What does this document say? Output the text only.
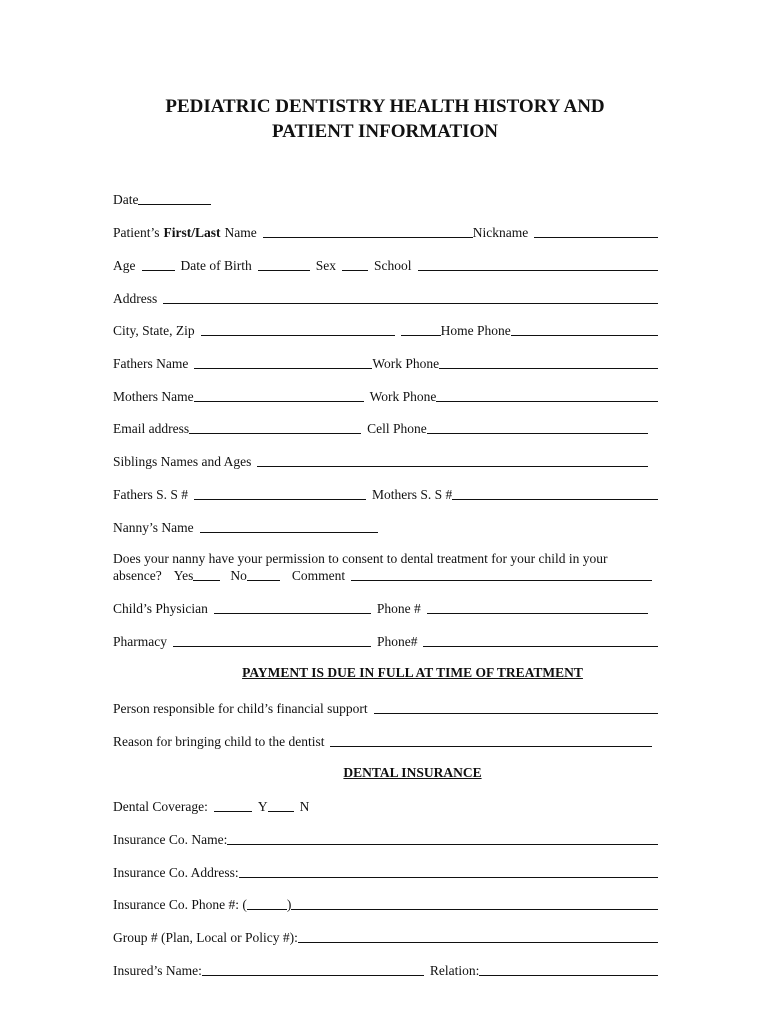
PEDIATRIC DENTISTRY HEALTH HISTORY AND
PATIENT INFORMATION
Date
Patient’s First/Last Name	Nickname
Age	Date of Birth	Sex	School
Address
City, State, Zip	Home Phone
Fathers Name	Work Phone
Mothers Name	Work Phone
Email address	Cell Phone
Siblings Names and Ages
Fathers S. S #	Mothers S. S #
Nanny’s Name
Does your nanny have your permission to consent to dental treatment for your child in your
absence? Yes	No	Comment
Child’s Physician	Phone #
Pharmacy	Phone#
PAYMENT IS DUE IN FULL AT TIME OF TREATMENT
Person responsible for child’s financial support
Reason for bringing child to the dentist
DENTAL INSURANCE
Dental Coverage:	Y N
Insurance Co. Name:
Insurance Co. Address:
Insurance Co. Phone #: (	)
Group # (Plan, Local or Policy #):
Insured’s Name:	Relation:
